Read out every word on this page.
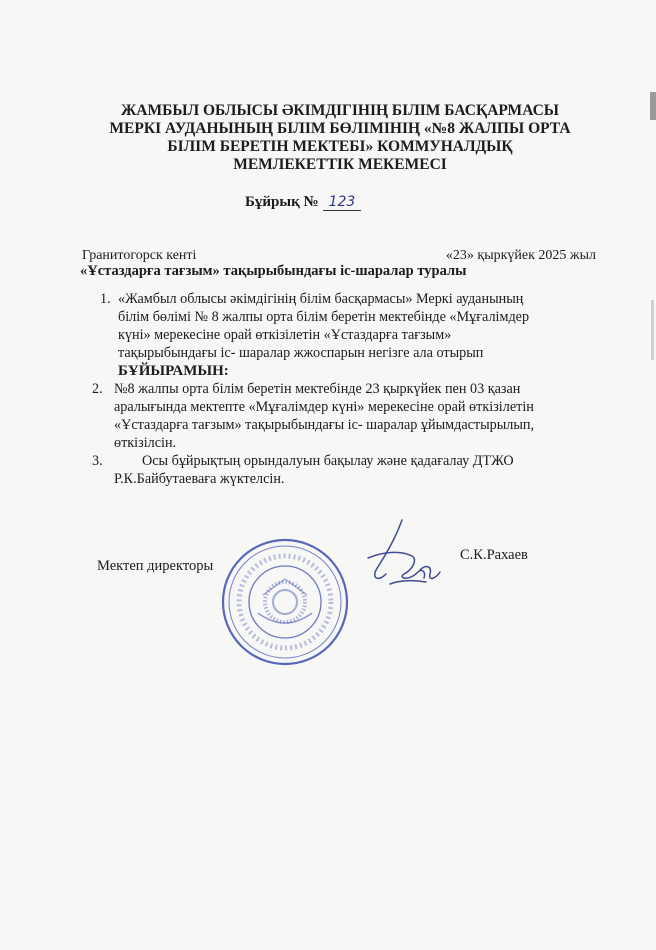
ЖАМБЫЛ ОБЛЫСЫ ӘКІМДІГІНІҢ БІЛІМ БАСҚАРМАСЫ
МЕРКІ АУДАНЫНЫҢ БІЛІМ БӨЛІМІНІҢ «№8 ЖАЛПЫ ОРТА
БІЛІМ БЕРЕТІН МЕКТЕБІ» КОММУНАЛДЫҚ
МЕМЛЕКЕТТІК МЕКЕМЕСІ
Бұйрық № 123
Гранитогорск кенті	«23» қыркүйек 2025 жыл
«Ұстаздарға тағзым» тақырыбындағы іс-шаралар туралы
1. «Жамбыл облысы әкімдігінің білім басқармасы» Меркі ауданының
білім бөлімі № 8 жалпы орта білім беретін мектебінде «Мұғалімдер
күні» мерекесіне орай өткізілетін «Ұстаздарға тағзым»
тақырыбындағы іс- шаралар жжоспарын негізге ала отырып
БҰЙЫРАМЫН:
2. №8 жалпы орта білім беретін мектебінде 23 қыркүйек пен 03 қазан
аралығында мектепте «Мұғалімдер күні» мерекесіне орай өткізілетін
«Ұстаздарға тағзым» тақырыбындағы іс- шаралар ұйымдастырылып,
өткізілсін.
3.	Осы бұйрықтың орындалуын бақылау және қадағалау ДТЖО
Р.К.Байбутаеваға жүктелсін.
Мектеп директоры
С.К.Рахаев
